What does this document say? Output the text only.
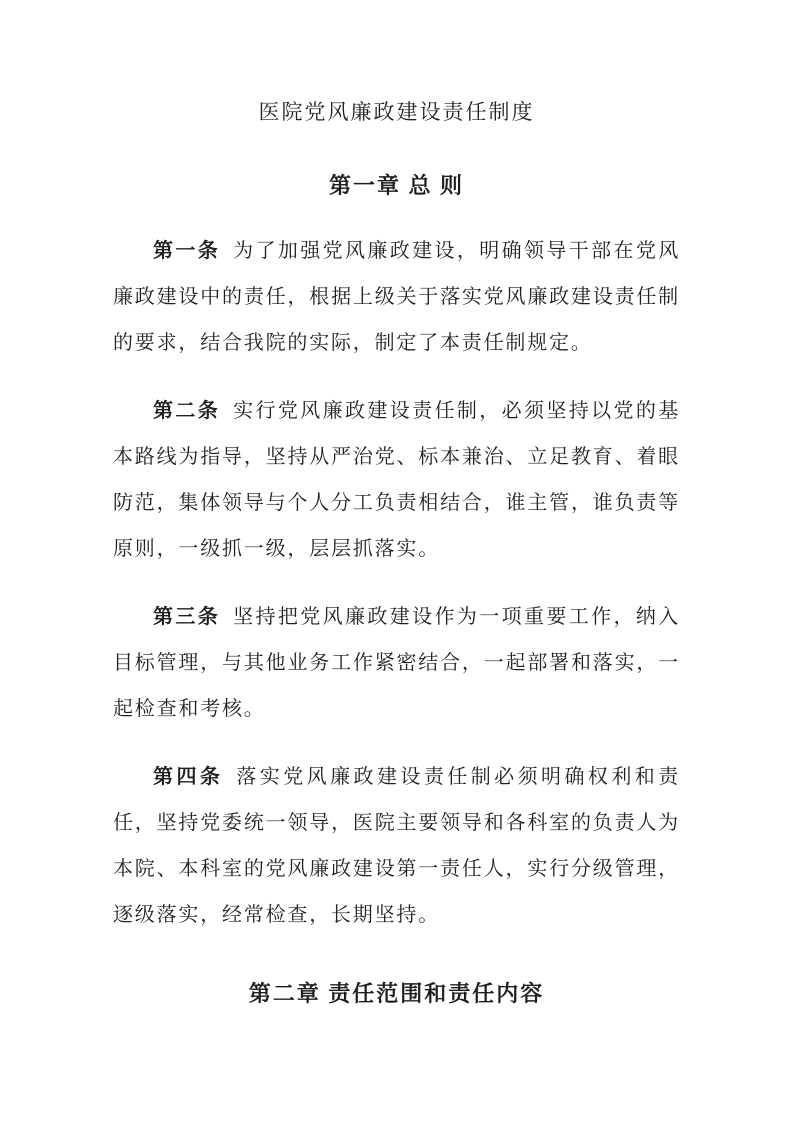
医院党风廉政建设责任制度
第一章 总 则

第一条 为了加强党风廉政建设，明确领导干部在党风廉政建设中的责任，根据上级关于落实党风廉政建设责任制的要求，结合我院的实际，制定了本责任制规定。

第二条 实行党风廉政建设责任制，必须坚持以党的基本路线为指导，坚持从严治党、标本兼治、立足教育、着眼防范，集体领导与个人分工负责相结合，谁主管，谁负责等原则，一级抓一级，层层抓落实。

第三条 坚持把党风廉政建设作为一项重要工作，纳入目标管理，与其他业务工作紧密结合，一起部署和落实，一起检查和考核。

第四条 落实党风廉政建设责任制必须明确权利和责任，坚持党委统一领导，医院主要领导和各科室的负责人为本院、本科室的党风廉政建设第一责任人，实行分级管理，逐级落实，经常检查，长期坚持。

第二章 责任范围和责任内容
